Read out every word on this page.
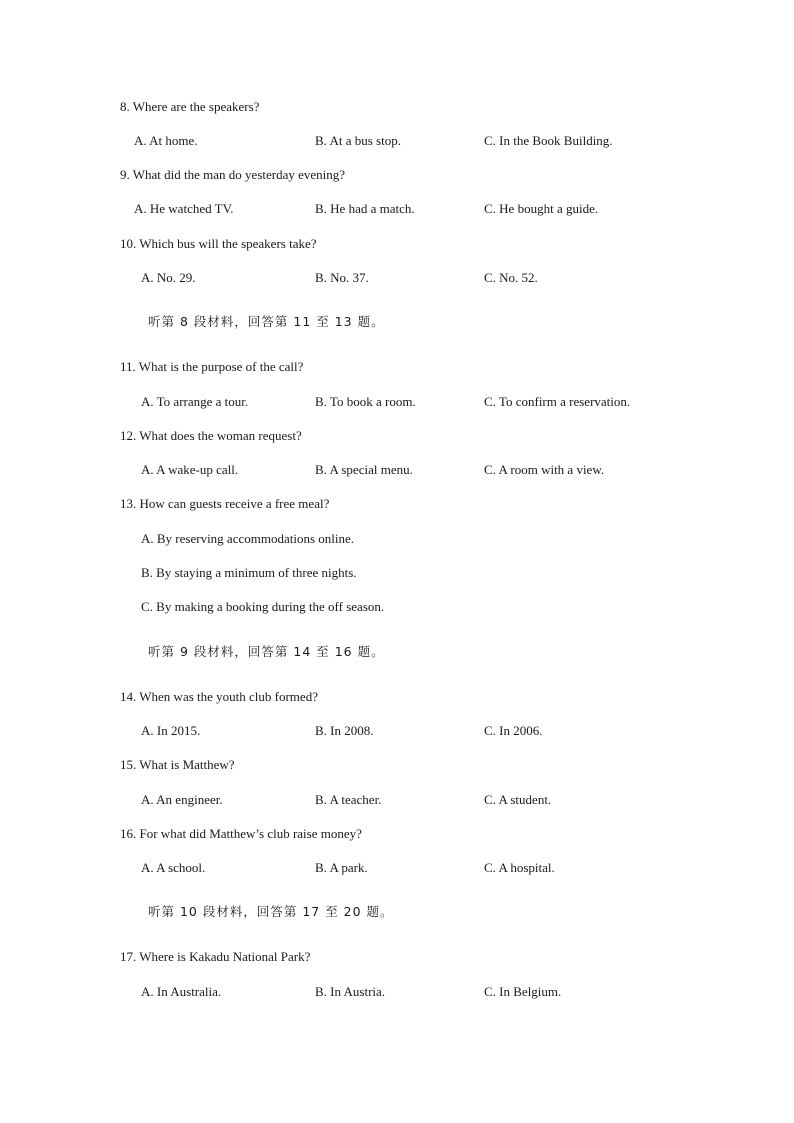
8. Where are the speakers?
A. At home.	B. At a bus stop.	C. In the Book Building.
9. What did the man do yesterday evening?
A. He watched TV.	B. He had a match.	C. He bought a guide.
10. Which bus will the speakers take?
A. No. 29.	B. No. 37.	C. No. 52.
听第 8 段材料，回答第 11 至 13 题。
11. What is the purpose of the call?
A. To arrange a tour.	B. To book a room.	C. To confirm a reservation.
12. What does the woman request?
A. A wake-up call.	B. A special menu.	C. A room with a view.
13. How can guests receive a free meal?
A. By reserving accommodations online.
B. By staying a minimum of three nights.
C. By making a booking during the off season.
听第 9 段材料，回答第 14 至 16 题。
14. When was the youth club formed?
A. In 2015.	B. In 2008.	C. In 2006.
15. What is Matthew?
A. An engineer.	B. A teacher.	C. A student.
16. For what did Matthew’s club raise money?
A. A school.	B. A park.	C. A hospital.
听第 10 段材料，回答第 17 至 20 题。
17. Where is Kakadu National Park?
A. In Australia.	B. In Austria.	C. In Belgium.
